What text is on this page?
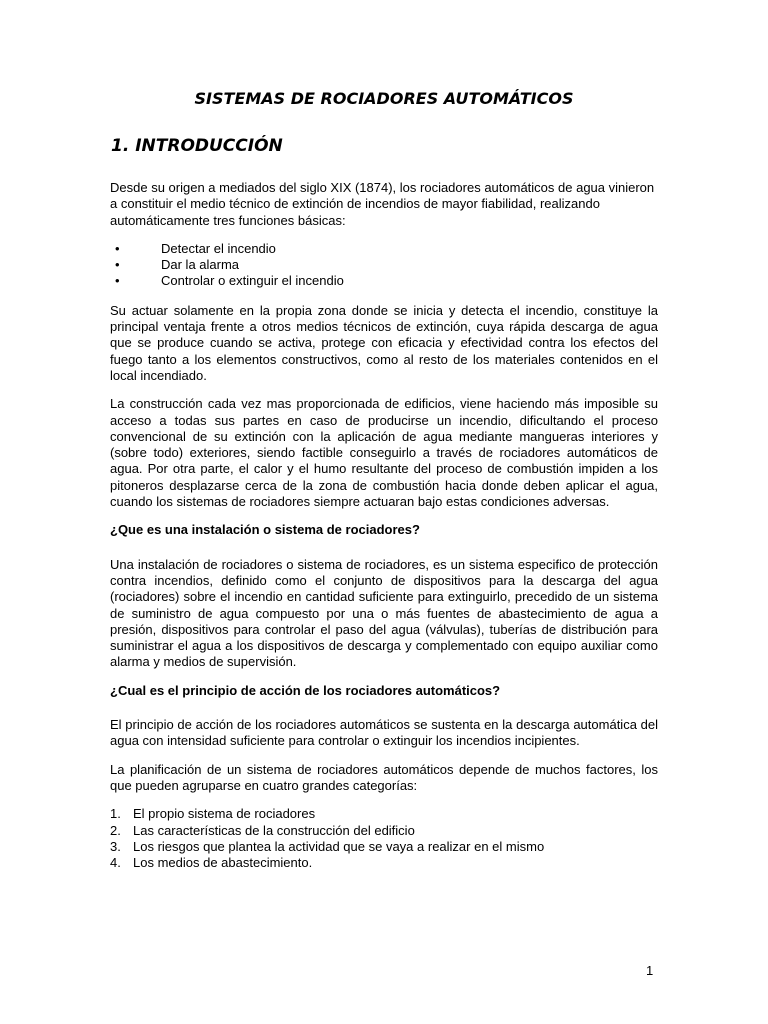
SISTEMAS DE ROCIADORES AUTOMÁTICOS
1. INTRODUCCIÓN

Desde su origen a mediados del siglo XIX (1874), los rociadores automáticos de agua vinieron a constituir el medio técnico de extinción de incendios de mayor fiabilidad, realizando automáticamente tres funciones básicas:

•	Detectar el incendio
•	Dar la alarma
•	Controlar o extinguir el incendio

Su actuar solamente en la propia zona donde se inicia y detecta el incendio, constituye la principal ventaja frente a otros medios técnicos de extinción, cuya rápida descarga de agua que se produce cuando se activa, protege con eficacia y efectividad contra los efectos del fuego tanto a los elementos constructivos, como al resto de los materiales contenidos en el local incendiado.

La construcción cada vez mas proporcionada de edificios, viene haciendo más imposible su acceso a todas sus partes en caso de producirse un incendio, dificultando el proceso convencional de su extinción con la aplicación de agua mediante mangueras interiores y (sobre todo) exteriores, siendo factible conseguirlo a través de rociadores automáticos de agua. Por otra parte, el calor y el humo resultante del proceso de combustión impiden a los pitoneros desplazarse cerca de la zona de combustión hacia donde deben aplicar el agua, cuando los sistemas de rociadores siempre actuaran bajo estas condiciones adversas.

¿Que es una instalación o sistema de rociadores?

Una instalación de rociadores o sistema de rociadores, es un sistema especifico de protección contra incendios, definido como el conjunto de dispositivos para la descarga del agua (rociadores) sobre el incendio en cantidad suficiente para extinguirlo, precedido de un sistema de suministro de agua compuesto por una o más fuentes de abastecimiento de agua a presión, dispositivos para controlar el paso del agua (válvulas), tuberías de distribución para suministrar el agua a los dispositivos de descarga y complementado con equipo auxiliar como alarma y medios de supervisión.

¿Cual es el principio de acción de los rociadores automáticos?

El principio de acción de los rociadores automáticos se sustenta en la descarga automática del agua con intensidad suficiente para controlar o extinguir los incendios incipientes.

La planificación de un sistema de rociadores automáticos depende de muchos factores, los que pueden agruparse en cuatro grandes categorías:

1. El propio sistema de rociadores
2. Las características de la construcción del edificio
3. Los riesgos que plantea la actividad que se vaya a realizar en el mismo
4. Los medios de abastecimiento.
1
